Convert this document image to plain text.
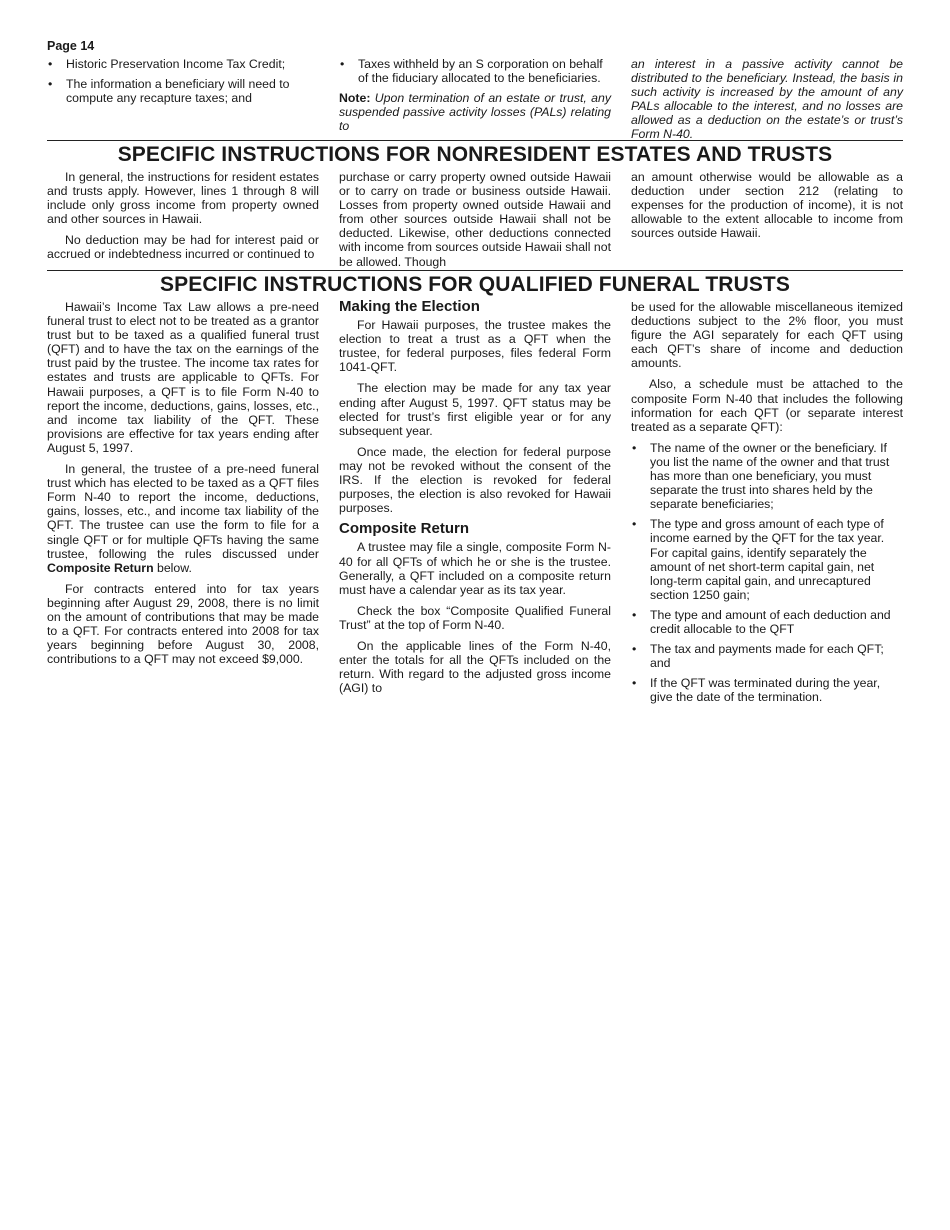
Page 14
• Historic Preservation Income Tax Credit;
• The information a beneficiary will need to compute any recapture taxes; and
• Taxes withheld by an S corporation on behalf of the fiduciary allocated to the beneficiaries.

Note: Upon termination of an estate or trust, any suspended passive activity losses (PALs) relating to

an interest in a passive activity cannot be distributed to the beneficiary. Instead, the basis in such activity is increased by the amount of any PALs allocable to the interest, and no losses are allowed as a deduction on the estate’s or trust’s Form N-40.

SPECIFIC INSTRUCTIONS FOR NONRESIDENT ESTATES AND TRUSTS

In general, the instructions for resident estates and trusts apply. However, lines 1 through 8 will include only gross income from property owned and other sources in Hawaii.

No deduction may be had for interest paid or accrued or indebtedness incurred or continued to

purchase or carry property owned outside Hawaii or to carry on trade or business outside Hawaii. Losses from property owned outside Hawaii and from other sources outside Hawaii shall not be deducted. Likewise, other deductions connected with income from sources outside Hawaii shall not be allowed. Though

an amount otherwise would be allowable as a deduction under section 212 (relating to expenses for the production of income), it is not allowable to the extent allocable to income from sources outside Hawaii.

SPECIFIC INSTRUCTIONS FOR QUALIFIED FUNERAL TRUSTS

Hawaii’s Income Tax Law allows a pre-need funeral trust to elect not to be treated as a grantor trust but to be taxed as a qualified funeral trust (QFT) and to have the tax on the earnings of the trust paid by the trustee. The income tax rates for estates and trusts are applicable to QFTs. For Hawaii purposes, a QFT is to file Form N-40 to report the income, deductions, gains, losses, etc., and income tax liability of the QFT. These provisions are effective for tax years ending after August 5, 1997.

In general, the trustee of a pre-need funeral trust which has elected to be taxed as a QFT files Form N-40 to report the income, deductions, gains, losses, etc., and income tax liability of the QFT. The trustee can use the form to file for a single QFT or for multiple QFTs having the same trustee, following the rules discussed under Composite Return below.

For contracts entered into for tax years beginning after August 29, 2008, there is no limit on the amount of contributions that may be made to a QFT. For contracts entered into 2008 for tax years beginning before August 30, 2008, contributions to a QFT may not exceed $9,000.

Making the Election

For Hawaii purposes, the trustee makes the election to treat a trust as a QFT when the trustee, for federal purposes, files federal Form 1041-QFT.

The election may be made for any tax year ending after August 5, 1997. QFT status may be elected for trust’s first eligible year or for any subsequent year.

Once made, the election for federal purpose may not be revoked without the consent of the IRS. If the election is revoked for federal purposes, the election is also revoked for Hawaii purposes.

Composite Return

A trustee may file a single, composite Form N-40 for all QFTs of which he or she is the trustee. Generally, a QFT included on a composite return must have a calendar year as its tax year.

Check the box “Composite Qualified Funeral Trust” at the top of Form N-40.

On the applicable lines of the Form N-40, enter the totals for all the QFTs included on the return. With regard to the adjusted gross income (AGI) to

be used for the allowable miscellaneous itemized deductions subject to the 2% floor, you must figure the AGI separately for each QFT using each QFT’s share of income and deduction amounts.

Also, a schedule must be attached to the composite Form N-40 that includes the following information for each QFT (or separate interest treated as a separate QFT):

• The name of the owner or the beneficiary. If you list the name of the owner and that trust has more than one beneficiary, you must separate the trust into shares held by the separate beneficiaries;
• The type and gross amount of each type of income earned by the QFT for the tax year. For capital gains, identify separately the amount of net short-term capital gain, net long-term capital gain, and unrecaptured section 1250 gain;
• The type and amount of each deduction and credit allocable to the QFT
• The tax and payments made for each QFT; and
• If the QFT was terminated during the year, give the date of the termination.
